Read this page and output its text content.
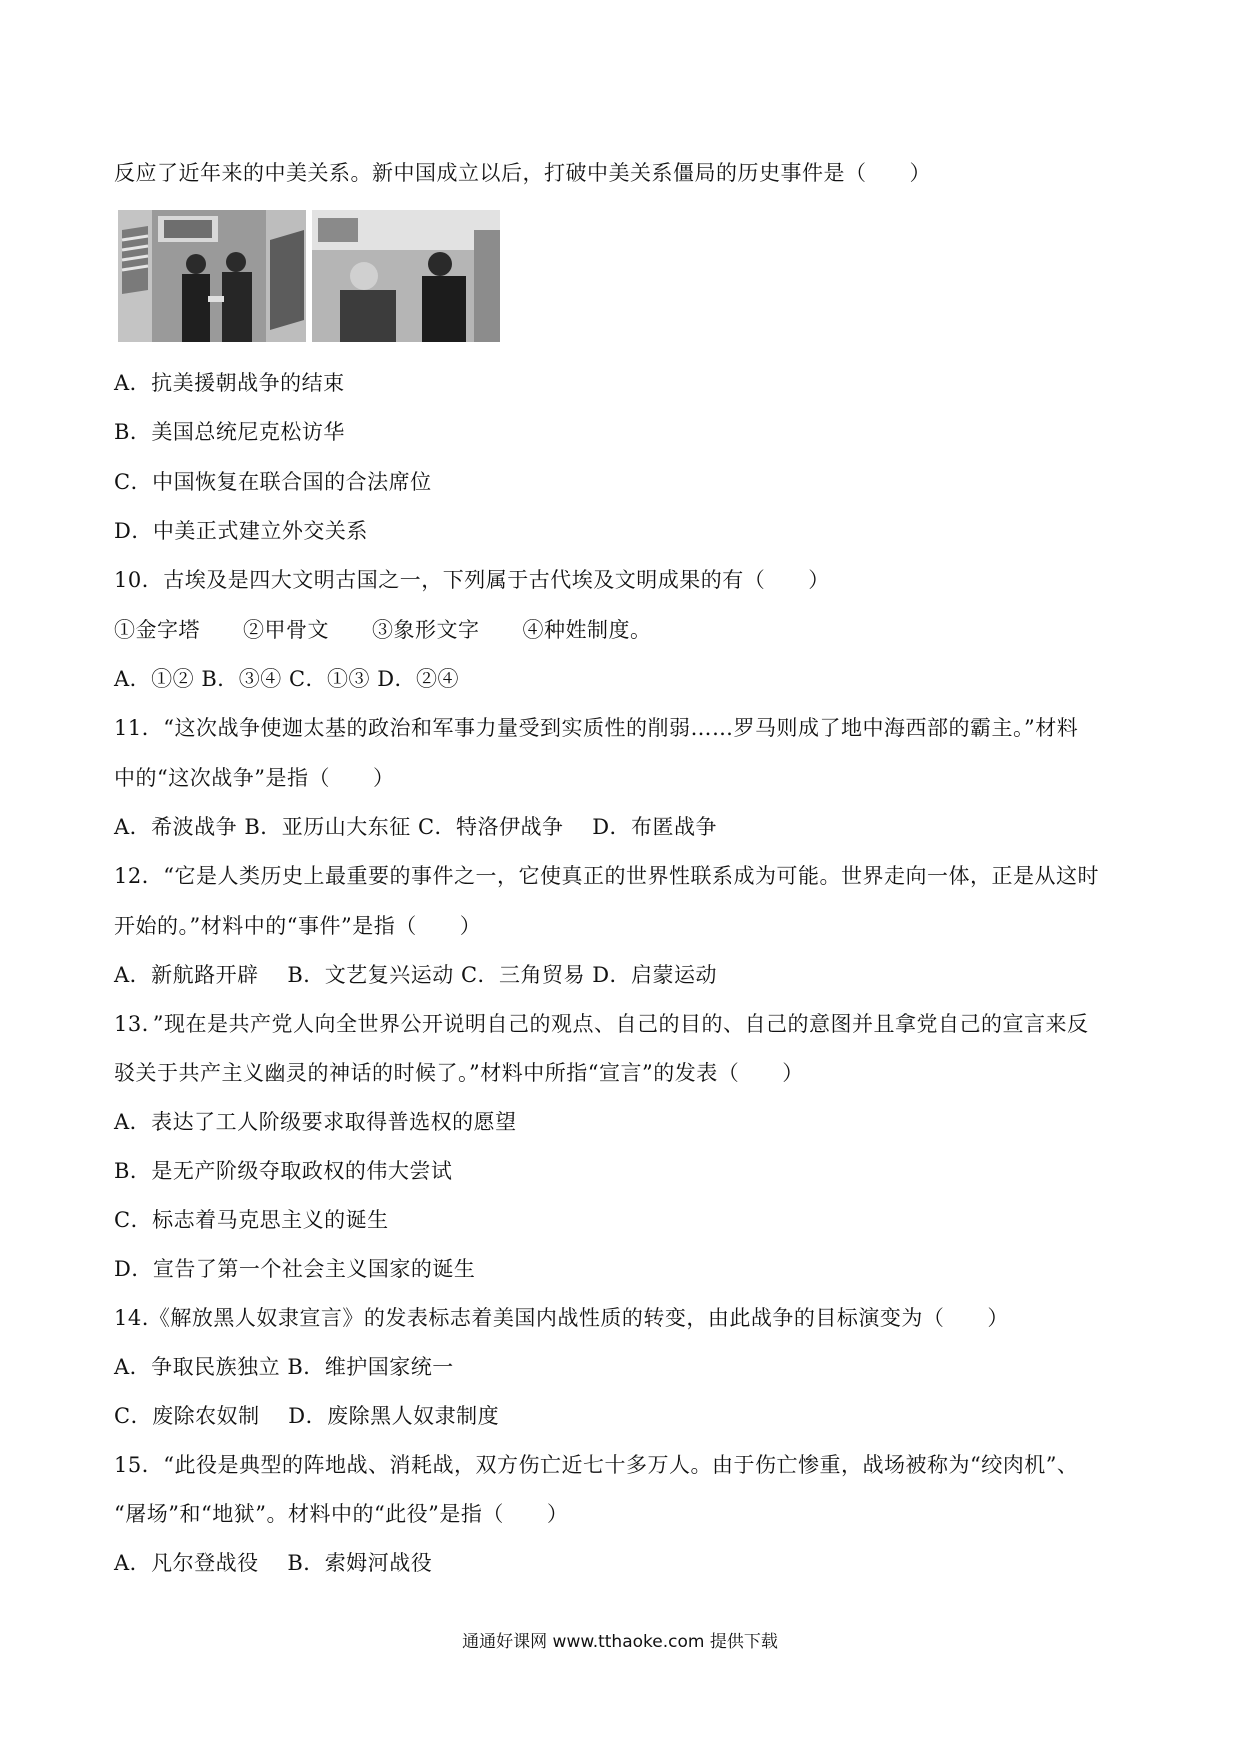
反应了近年来的中美关系。新中国成立以后，打破中美关系僵局的历史事件是（　　）
A．抗美援朝战争的结束
B．美国总统尼克松访华
C．中国恢复在联合国的合法席位
D．中美正式建立外交关系
10．古埃及是四大文明古国之一，下列属于古代埃及文明成果的有（　　）
①金字塔　　②甲骨文　　③象形文字　　④种姓制度。
A．①② B．③④ C．①③ D．②④
11．“这次战争使迦太基的政治和军事力量受到实质性的削弱……罗马则成了地中海西部的霸主。”材料
中的“这次战争”是指（　　）
A．希波战争 B．亚历山大东征 C．特洛伊战争　 D．布匿战争
12．“它是人类历史上最重要的事件之一，它使真正的世界性联系成为可能。世界走向一体，正是从这时
开始的。”材料中的“事件”是指（　　）
A．新航路开辟　 B．文艺复兴运动 C．三角贸易 D．启蒙运动
13．”现在是共产党人向全世界公开说明自己的观点、自己的目的、自己的意图并且拿党自己的宣言来反
驳关于共产主义幽灵的神话的时候了。”材料中所指“宣言”的发表（　　）
A．表达了工人阶级要求取得普选权的愿望
B．是无产阶级夺取政权的伟大尝试
C．标志着马克思主义的诞生
D．宣告了第一个社会主义国家的诞生
14.《解放黑人奴隶宣言》的发表标志着美国内战性质的转变，由此战争的目标演变为（　　）
A．争取民族独立 B．维护国家统一
C．废除农奴制　 D．废除黑人奴隶制度
15．“此役是典型的阵地战、消耗战，双方伤亡近七十多万人。由于伤亡惨重，战场被称为“绞肉机”、
“屠场”和“地狱”。材料中的“此役”是指（　　）
A．凡尔登战役　 B．索姆河战役
通通好课网 www.tthaoke.com 提供下载
